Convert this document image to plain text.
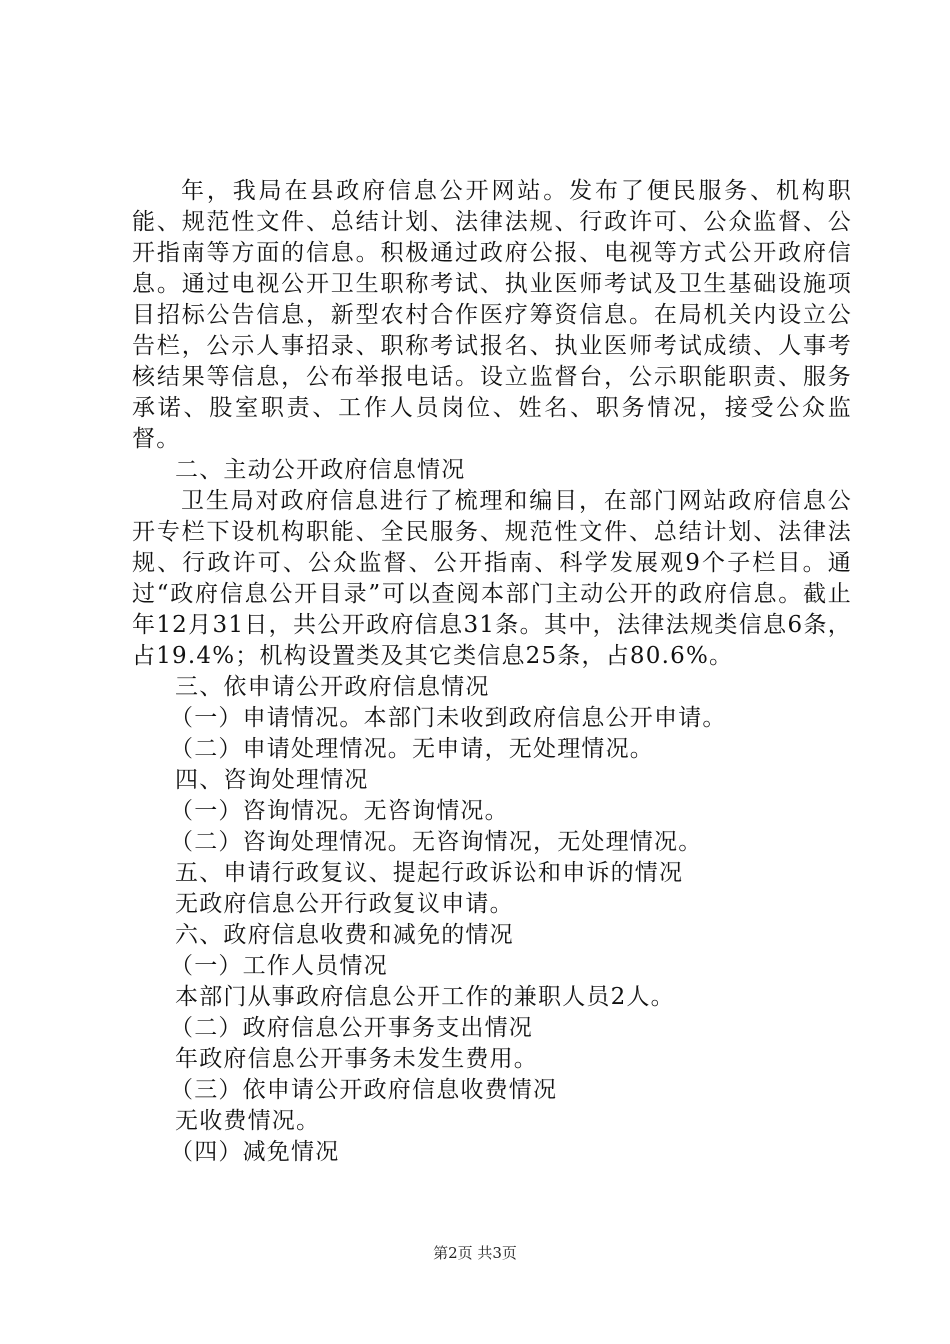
年，我局在县政府信息公开网站。发布了便民服务、机构职能、规范性文件、总结计划、法律法规、行政许可、公众监督、公开指南等方面的信息。积极通过政府公报、电视等方式公开政府信息。通过电视公开卫生职称考试、执业医师考试及卫生基础设施项目招标公告信息，新型农村合作医疗筹资信息。在局机关内设立公告栏，公示人事招录、职称考试报名、执业医师考试成绩、人事考核结果等信息，公布举报电话。设立监督台，公示职能职责、服务承诺、股室职责、工作人员岗位、姓名、职务情况，接受公众监督。

二、主动公开政府信息情况

卫生局对政府信息进行了梳理和编目，在部门网站政府信息公开专栏下设机构职能、全民服务、规范性文件、总结计划、法律法规、行政许可、公众监督、公开指南、科学发展观9个子栏目。通过“政府信息公开目录”可以查阅本部门主动公开的政府信息。截止年12月31日，共公开政府信息31条。其中，法律法规类信息6条，占19.4%；机构设置类及其它类信息25条，占80.6%。

三、依申请公开政府信息情况

（一）申请情况。本部门未收到政府信息公开申请。

（二）申请处理情况。无申请，无处理情况。

四、咨询处理情况

（一）咨询情况。无咨询情况。

（二）咨询处理情况。无咨询情况，无处理情况。

五、申请行政复议、提起行政诉讼和申诉的情况

无政府信息公开行政复议申请。

六、政府信息收费和减免的情况

（一）工作人员情况

本部门从事政府信息公开工作的兼职人员2人。

（二）政府信息公开事务支出情况

年政府信息公开事务未发生费用。

（三）依申请公开政府信息收费情况

无收费情况。

（四）减免情况

第2页 共3页
